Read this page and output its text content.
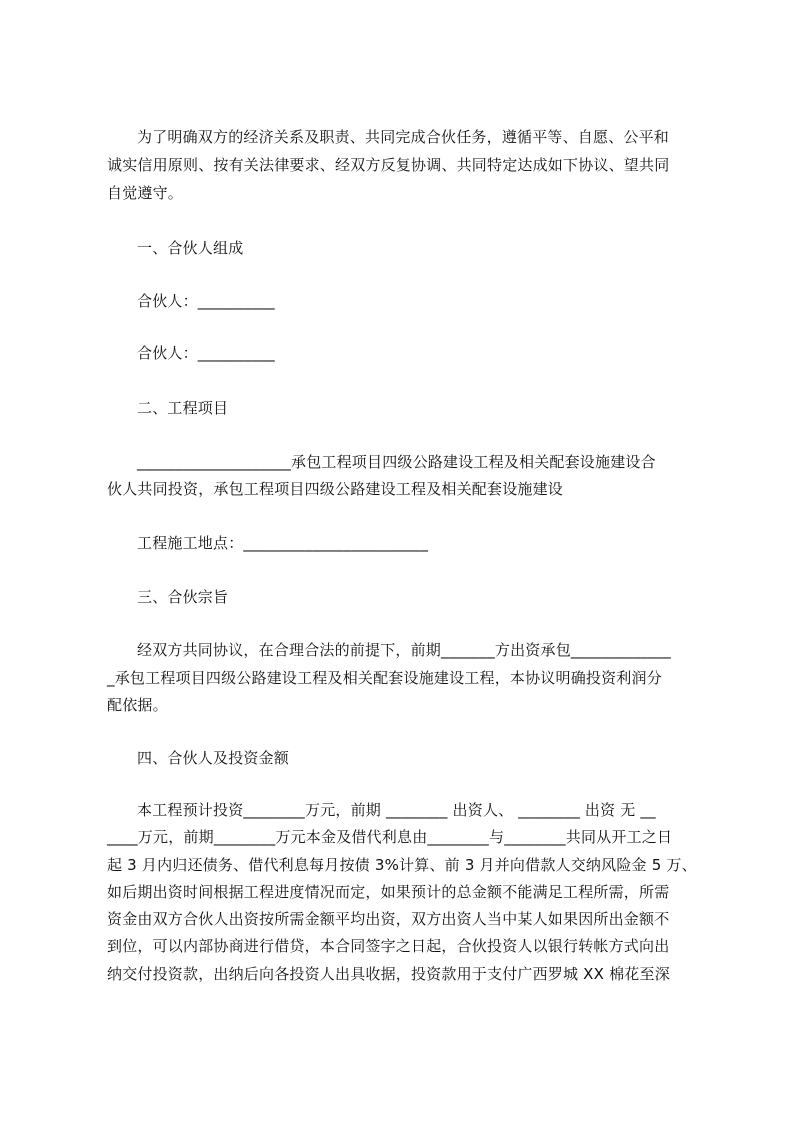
为了明确双方的经济关系及职责、共同完成合伙任务，遵循平等、自愿、公平和
诚实信用原则、按有关法律要求、经双方反复协调、共同特定达成如下协议、望共同
自觉遵守。
一、合伙人组成
合伙人：__________
合伙人：__________
二、工程项目
____________________承包工程项目四级公路建设工程及相关配套设施建设合
伙人共同投资，承包工程项目四级公路建设工程及相关配套设施建设
工程施工地点：________________________
三、合伙宗旨
经双方共同协议，在合理合法的前提下，前期_______方出资承包_____________
_承包工程项目四级公路建设工程及相关配套设施建设工程，本协议明确投资利润分
配依据。
四、合伙人及投资金额
本工程预计投资________万元，前期 ________ 出资人、 ________ 出资 无 __
____万元，前期________万元本金及借代利息由________与________共同从开工之日
起 3 月内归还债务、借代利息每月按债 3%计算、前 3 月并向借款人交纳风险金 5 万、
如后期出资时间根据工程进度情况而定，如果预计的总金额不能满足工程所需，所需
资金由双方合伙人出资按所需金额平均出资，双方出资人当中某人如果因所出金额不
到位，可以内部协商进行借贷，本合同签字之日起，合伙投资人以银行转帐方式向出
纳交付投资款，出纳后向各投资人出具收据，投资款用于支付广西罗城 XX 棉花至深
